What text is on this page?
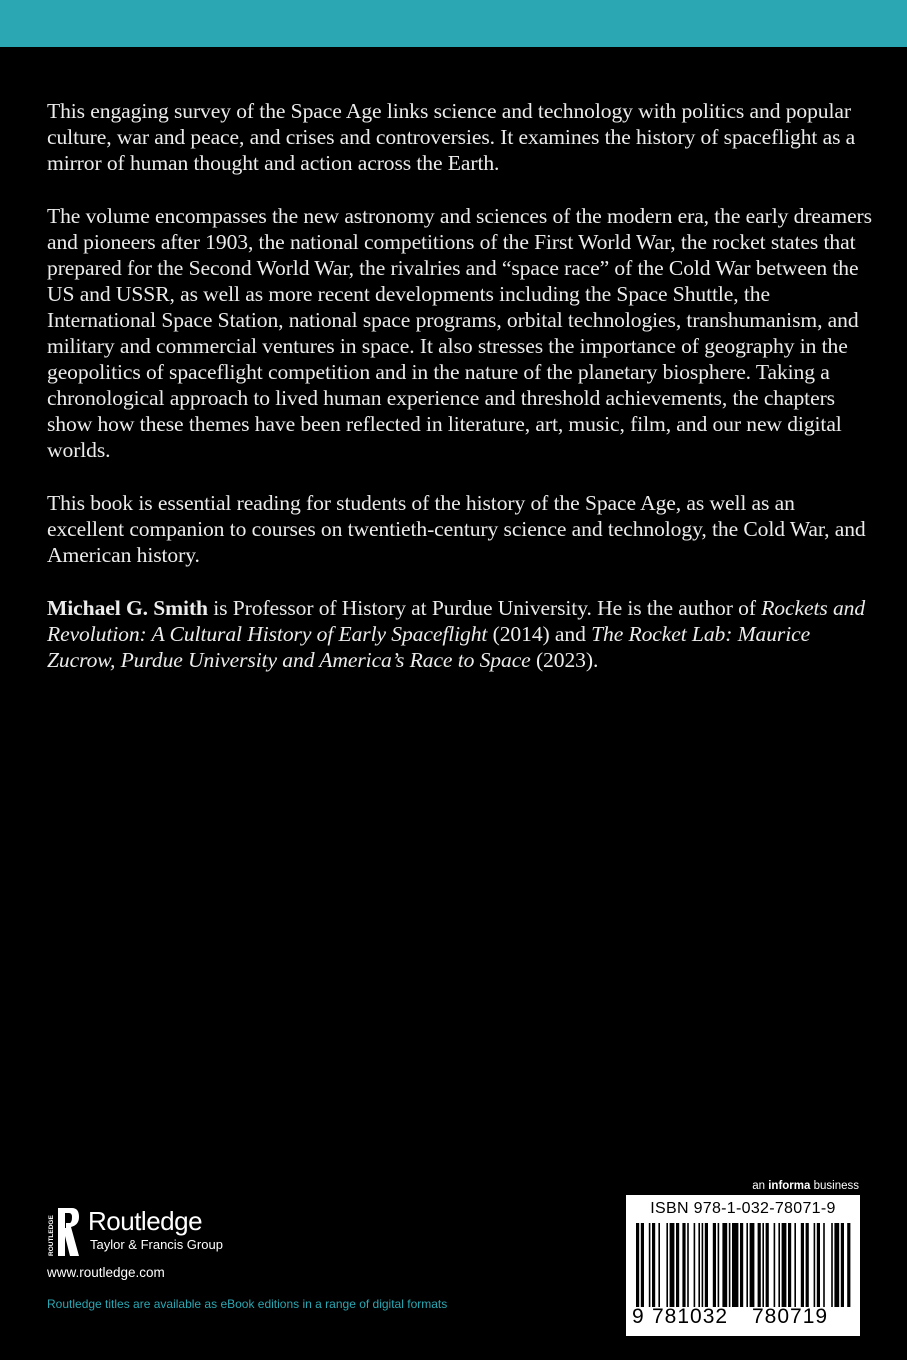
This engaging survey of the Space Age links science and technology with politics and popular culture, war and peace, and crises and controversies. It examines the history of spaceflight as a mirror of human thought and action across the Earth.

The volume encompasses the new astronomy and sciences of the modern era, the early dreamers and pioneers after 1903, the national competitions of the First World War, the rocket states that prepared for the Second World War, the rivalries and “space race” of the Cold War between the US and USSR, as well as more recent developments including the Space Shuttle, the International Space Station, national space programs, orbital technologies, transhumanism, and military and commercial ventures in space. It also stresses the importance of geography in the geopolitics of spaceflight competition and in the nature of the planetary biosphere. Taking a chronological approach to lived human experience and threshold achievements, the chapters show how these themes have been reflected in literature, art, music, film, and our new digital worlds.

This book is essential reading for students of the history of the Space Age, as well as an excellent companion to courses on twentieth-century science and technology, the Cold War, and American history.

Michael G. Smith is Professor of History at Purdue University. He is the author of Rockets and Revolution: A Cultural History of Early Spaceflight (2014) and The Rocket Lab: Maurice Zucrow, Purdue University and America’s Race to Space (2023).

ROUTLEDGE Routledge
Taylor & Francis Group
www.routledge.com
Routledge titles are available as eBook editions in a range of digital formats
an informa business
ISBN 978-1-032-78071-9
9 781032 780719
